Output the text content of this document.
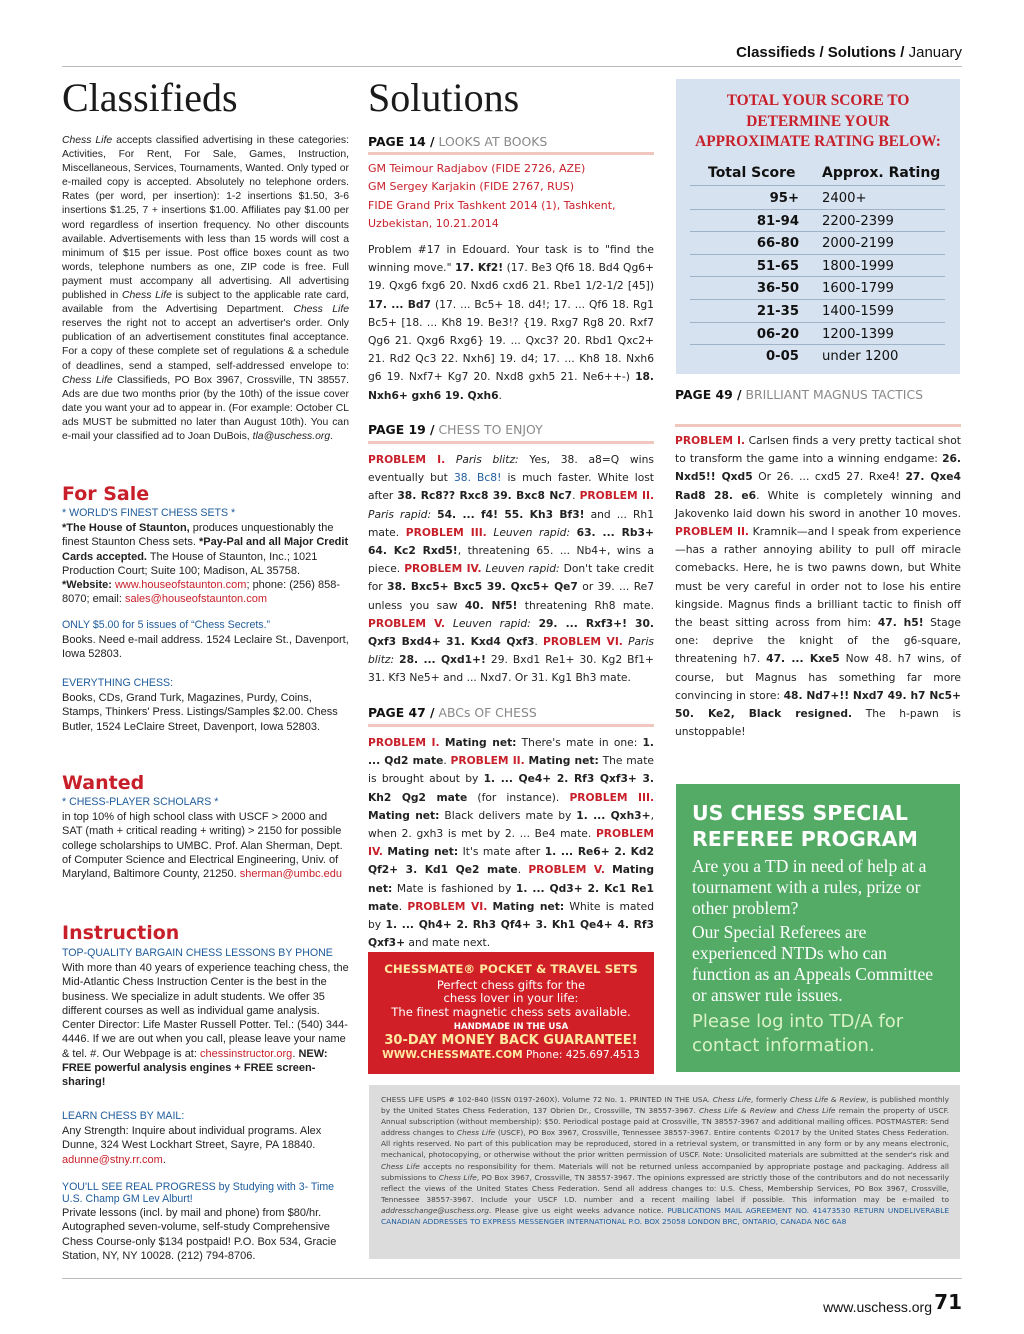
Classifieds / Solutions / January
Classifieds
Chess Life accepts classified advertising in these categories: Activities, For Rent, For Sale, Games, Instruction, Miscellaneous, Services, Tournaments, Wanted. Only typed or e-mailed copy is accepted. Absolutely no telephone orders. Rates (per word, per insertion): 1-2 insertions $1.50, 3-6 insertions $1.25, 7 + insertions $1.00. Affiliates pay $1.00 per word regardless of insertion frequency. No other discounts available. Advertisements with less than 15 words will cost a minimum of $15 per issue. Post office boxes count as two words, telephone numbers as one, ZIP code is free. Full payment must accompany all advertising. All advertising published in Chess Life is subject to the applicable rate card, available from the Advertising Department. Chess Life reserves the right not to accept an advertiser's order. Only publication of an advertisement constitutes final acceptance. For a copy of these complete set of regulations & a schedule of deadlines, send a stamped, self-addressed envelope to: Chess Life Classifieds, PO Box 3967, Crossville, TN 38557. Ads are due two months prior (by the 10th) of the issue cover date you want your ad to appear in. (For example: October CL ads MUST be submitted no later than August 10th). You can e-mail your classified ad to Joan DuBois, tla@uschess.org.
For Sale
* WORLD'S FINEST CHESS SETS *
*The House of Staunton, produces unquestionably the finest Staunton Chess sets. *Pay-Pal and all Major Credit Cards accepted. The House of Staunton, Inc.; 1021 Production Court; Suite 100; Madison, AL 35758. *Website: www.houseofstaunton.com; phone: (256) 858-8070; email: sales@houseofstaunton.com
ONLY $5.00 for 5 issues of “Chess Secrets.”
Books. Need e-mail address. 1524 Leclaire St., Davenport, Iowa 52803.
EVERYTHING CHESS:
Books, CDs, Grand Turk, Magazines, Purdy, Coins, Stamps, Thinkers' Press. Listings/Samples $2.00. Chess Butler, 1524 LeClaire Street, Davenport, Iowa 52803.
Wanted
* CHESS-PLAYER SCHOLARS *
in top 10% of high school class with USCF > 2000 and SAT (math + critical reading + writing) > 2150 for possible college scholarships to UMBC. Prof. Alan Sherman, Dept. of Computer Science and Electrical Engineering, Univ. of Maryland, Baltimore County, 21250. sherman@umbc.edu
Instruction
TOP-QUALITY BARGAIN CHESS LESSONS BY PHONE
With more than 40 years of experience teaching chess, the Mid-Atlantic Chess Instruction Center is the best in the business. We specialize in adult students. We offer 35 different courses as well as individual game analysis. Center Director: Life Master Russell Potter. Tel.: (540) 344-4446. If we are out when you call, please leave your name & tel. #. Our Webpage is at: chessinstructor.org. NEW: FREE powerful analysis engines + FREE screen-sharing!
LEARN CHESS BY MAIL:
Any Strength: Inquire about individual programs. Alex Dunne, 324 West Lockhart Street, Sayre, PA 18840. adunne@stny.rr.com.
YOU'LL SEE REAL PROGRESS by Studying with 3- Time U.S. Champ GM Lev Alburt!
Private lessons (incl. by mail and phone) from $80/hr. Autographed seven-volume, self-study Comprehensive Chess Course-only $134 postpaid! P.O. Box 534, Gracie Station, NY, NY 10028. (212) 794-8706.
Solutions
PAGE 14 / LOOKS AT BOOKS
GM Teimour Radjabov (FIDE 2726, AZE)
GM Sergey Karjakin (FIDE 2767, RUS)
FIDE Grand Prix Tashkent 2014 (1), Tashkent, Uzbekistan, 10.21.2014
Problem #17 in Edouard. Your task is to "find the winning move." 17. Kf2! (17. Be3 Qf6 18. Bd4 Qg6+ 19. Qxg6 fxg6 20. Nxd6 cxd6 21. Rbe1 1/2-1/2 [45]) 17. ... Bd7 (17. ... Bc5+ 18. d4!; 17. ... Qf6 18. Rg1 Bc5+ [18. ... Kh8 19. Be3!? {19. Rxg7 Rg8 20. Rxf7 Qg6 21. Qxg6 Rxg6} 19. ... Qxc3? 20. Rbd1 Qxc2+ 21. Rd2 Qc3 22. Nxh6] 19. d4; 17. ... Kh8 18. Nxh6 g6 19. Nxf7+ Kg7 20. Nxd8 gxh5 21. Ne6++-) 18. Nxh6+ gxh6 19. Qxh6.
PAGE 19 / CHESS TO ENJOY
PROBLEM I. Paris blitz: Yes, 38. a8=Q wins eventually but 38. Bc8! is much faster. White lost after 38. Rc8?? Rxc8 39. Bxc8 Nc7. PROBLEM II. Paris rapid: 54. ... f4! 55. Kh3 Bf3! and ... Rh1 mate. PROBLEM III. Leuven rapid: 63. ... Rb3+ 64. Kc2 Rxd5!, threatening 65. ... Nb4+, wins a piece. PROBLEM IV. Leuven rapid: Don't take credit for 38. Bxc5+ Bxc5 39. Qxc5+ Qe7 or 39. ... Re7 unless you saw 40. Nf5! threatening Rh8 mate. PROBLEM V. Leuven rapid: 29. ... Rxf3+! 30. Qxf3 Bxd4+ 31. Kxd4 Qxf3. PROBLEM VI. Paris blitz: 28. ... Qxd1+! 29. Bxd1 Re1+ 30. Kg2 Bf1+ 31. Kf3 Ne5+ and ... Nxd7. Or 31. Kg1 Bh3 mate.
PAGE 47 / ABCs OF CHESS
PROBLEM I. Mating net: There's mate in one: 1. ... Qd2 mate. PROBLEM II. Mating net: The mate is brought about by 1. ... Qe4+ 2. Rf3 Qxf3+ 3. Kh2 Qg2 mate (for instance). PROBLEM III. Mating net: Black delivers mate by 1. ... Qxh3+, when 2. gxh3 is met by 2. ... Be4 mate. PROBLEM IV. Mating net: It's mate after 1. ... Re6+ 2. Kd2 Qf2+ 3. Kd1 Qe2 mate. PROBLEM V. Mating net: Mate is fashioned by 1. ... Qd3+ 2. Kc1 Re1 mate. PROBLEM VI. Mating net: White is mated by 1. ... Qh4+ 2. Rh3 Qf4+ 3. Kh1 Qe4+ 4. Rf3 Qxf3+ and mate next.
TOTAL YOUR SCORE TO
DETERMINE YOUR
APPROXIMATE RATING BELOW:
Total Score Approx. Rating
95+ 2400+
81-94 2200-2399
66-80 2000-2199
51-65 1800-1999
36-50 1600-1799
21-35 1400-1599
06-20 1200-1399
0-05 under 1200
PAGE 49 / BRILLIANT MAGNUS TACTICS
PROBLEM I. Carlsen finds a very pretty tactical shot to transform the game into a winning endgame: 26. Nxd5!! Qxd5 Or 26. ... cxd5 27. Rxe4! 27. Qxe4 Rad8 28. e6. White is completely winning and Jakovenko laid down his sword in another 10 moves. PROBLEM II. Kramnik—and I speak from experience—has a rather annoying ability to pull off miracle comebacks. Here, he is two pawns down, but White must be very careful in order not to lose his entire kingside. Magnus finds a brilliant tactic to finish off the beast sitting across from him: 47. h5! Stage one: deprive the knight of the g6-square, threatening h7. 47. ... Kxe5 Now 48. h7 wins, of course, but Magnus has something far more convincing in store: 48. Nd7+!! Nxd7 49. h7 Nc5+ 50. Ke2, Black resigned. The h-pawn is unstoppable!
US CHESS SPECIAL
REFEREE PROGRAM
Are you a TD in need of help at a tournament with a rules, prize or other problem?
Our Special Referees are experienced NTDs who can function as an Appeals Committee or answer rule issues.
Please log into TD/A for contact information.
CHESSMATE® POCKET & TRAVEL SETS
Perfect chess gifts for the
chess lover in your life:
The finest magnetic chess sets available.
HANDMADE IN THE USA
30-DAY MONEY BACK GUARANTEE!
WWW.CHESSMATE.COM Phone: 425.697.4513
CHESS LIFE USPS # 102-840 (ISSN 0197-260X). Volume 72 No. 1. PRINTED IN THE USA. Chess Life, formerly Chess Life & Review, is published monthly by the United States Chess Federation, 137 Obrien Dr., Crossville, TN 38557-3967. Chess Life & Review and Chess Life remain the property of USCF. Annual subscription (without membership): $50. Periodical postage paid at Crossville, TN 38557-3967 and additional mailing offices. POSTMASTER: Send address changes to Chess Life (USCF), PO Box 3967, Crossville, Tennessee 38557-3967. Entire contents ©2017 by the United States Chess Federation. All rights reserved. No part of this publication may be reproduced, stored in a retrieval system, or transmitted in any form or by any means electronic, mechanical, photocopying, or otherwise without the prior written permission of USCF. Note: Unsolicited materials are submitted at the sender's risk and Chess Life accepts no responsibility for them. Materials will not be returned unless accompanied by appropriate postage and packaging. Address all submissions to Chess Life, PO Box 3967, Crossville, TN 38557-3967. The opinions expressed are strictly those of the contributors and do not necessarily reflect the views of the United States Chess Federation. Send all address changes to: U.S. Chess, Membership Services, PO Box 3967, Crossville, Tennessee 38557-3967. Include your USCF I.D. number and a recent mailing label if possible. This information may be e-mailed to addresschange@uschess.org. Please give us eight weeks advance notice. PUBLICATIONS MAIL AGREEMENT NO. 41473530 RETURN UNDELIVERABLE CANADIAN ADDRESSES TO EXPRESS MESSENGER INTERNATIONAL P.O. BOX 25058 LONDON BRC, ONTARIO, CANADA N6C 6A8
www.uschess.org 71
